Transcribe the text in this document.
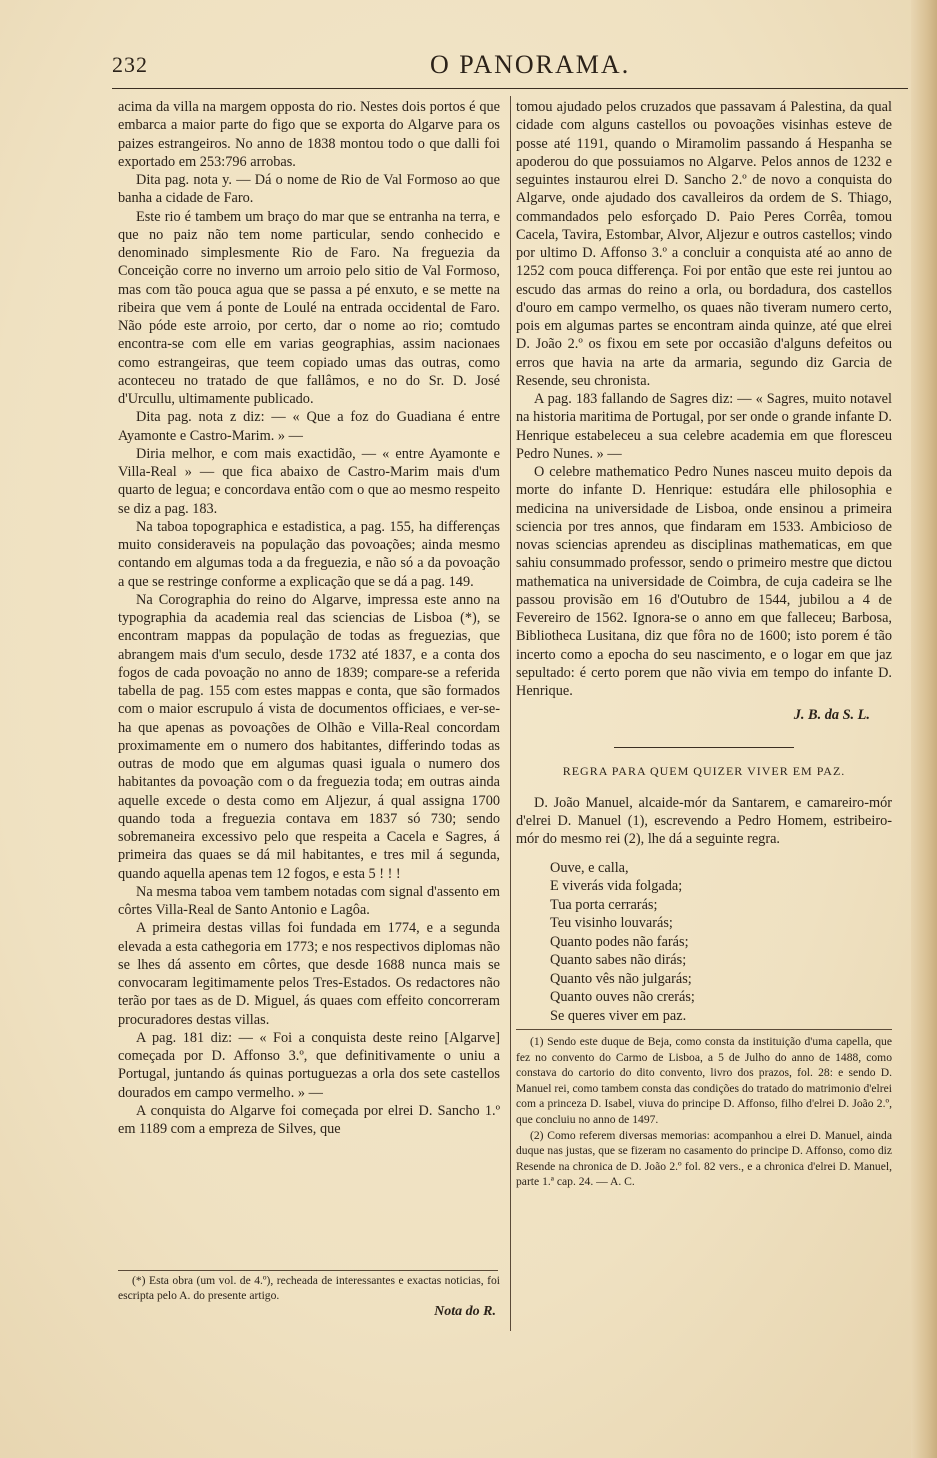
232	O PANORAMA.

acima da villa na margem opposta do rio. Nestes dois portos é que embarca a maior parte do figo que se exporta do Algarve para os paizes estrangeiros. No anno de 1838 montou todo o que dalli foi exportado em 253:796 arrobas.

Dita pag. nota y. — Dá o nome de Rio de Val Formoso ao que banha a cidade de Faro.

Este rio é tambem um braço do mar que se entranha na terra, e que no paiz não tem nome particular, sendo conhecido e denominado simplesmente Rio de Faro. Na freguezia da Conceição corre no inverno um arroio pelo sitio de Val Formoso, mas com tão pouca agua que se passa a pé enxuto, e se mette na ribeira que vem á ponte de Loulé na entrada occidental de Faro. Não póde este arroio, por certo, dar o nome ao rio; comtudo encontra-se com elle em varias geographias, assim nacionaes como estrangeiras, que teem copiado umas das outras, como aconteceu no tratado de que fallâmos, e no do Sr. D. José d'Urcullu, ultimamente publicado.

Dita pag. nota z diz: — « Que a foz do Guadiana é entre Ayamonte e Castro-Marim. » —

Diria melhor, e com mais exactidão, — « entre Ayamonte e Villa-Real » — que fica abaixo de Castro-Marim mais d'um quarto de legua; e concordava então com o que ao mesmo respeito se diz a pag. 183.

Na taboa topographica e estadistica, a pag. 155, ha differenças muito consideraveis na população das povoações; ainda mesmo contando em algumas toda a da freguezia, e não só a da povoação a que se restringe conforme a explicação que se dá a pag. 149.

Na Corographia do reino do Algarve, impressa este anno na typographia da academia real das sciencias de Lisboa (*), se encontram mappas da população de todas as freguezias, que abrangem mais d'um seculo, desde 1732 até 1837, e a conta dos fogos de cada povoação no anno de 1839; compare-se a referida tabella de pag. 155 com estes mappas e conta, que são formados com o maior escrupulo á vista de documentos officiaes, e ver-se-ha que apenas as povoações de Olhão e Villa-Real concordam proximamente em o numero dos habitantes, differindo todas as outras de modo que em algumas quasi iguala o numero dos habitantes da povoação com o da freguezia toda; em outras ainda aquelle excede o desta como em Aljezur, á qual assigna 1700 quando toda a freguezia contava em 1837 só 730; sendo sobremaneira excessivo pelo que respeita a Cacela e Sagres, á primeira das quaes se dá mil habitantes, e tres mil á segunda, quando aquella apenas tem 12 fogos, e esta 5 ! ! !

Na mesma taboa vem tambem notadas com signal d'assento em côrtes Villa-Real de Santo Antonio e Lagôa.

A primeira destas villas foi fundada em 1774, e a segunda elevada a esta cathegoria em 1773; e nos respectivos diplomas não se lhes dá assento em côrtes, que desde 1688 nunca mais se convocaram legitimamente pelos Tres-Estados. Os redactores não terão por taes as de D. Miguel, ás quaes com effeito concorreram procuradores destas villas.

A pag. 181 diz: — « Foi a conquista deste reino [Algarve] começada por D. Affonso 3.º, que definitivamente o uniu a Portugal, juntando ás quinas portuguezas a orla dos sete castellos dourados em campo vermelho. » —

A conquista do Algarve foi começada por elrei D. Sancho 1.º em 1189 com a empreza de Silves, que

(*) Esta obra (um vol. de 4.º), recheada de interessantes e exactas noticias, foi escripta pelo A. do presente artigo.

Nota do R.

tomou ajudado pelos cruzados que passavam á Palestina, da qual cidade com alguns castellos ou povoações visinhas esteve de posse até 1191, quando o Miramolim passando á Hespanha se apoderou do que possuiamos no Algarve. Pelos annos de 1232 e seguintes instaurou elrei D. Sancho 2.º de novo a conquista do Algarve, onde ajudado dos cavalleiros da ordem de S. Thiago, commandados pelo esforçado D. Paio Peres Corrêa, tomou Cacela, Tavira, Estombar, Alvor, Aljezur e outros castellos; vindo por ultimo D. Affonso 3.º a concluir a conquista até ao anno de 1252 com pouca differença. Foi por então que este rei juntou ao escudo das armas do reino a orla, ou bordadura, dos castellos d'ouro em campo vermelho, os quaes não tiveram numero certo, pois em algumas partes se encontram ainda quinze, até que elrei D. João 2.º os fixou em sete por occasião d'alguns defeitos ou erros que havia na arte da armaria, segundo diz Garcia de Resende, seu chronista.

A pag. 183 fallando de Sagres diz: — « Sagres, muito notavel na historia maritima de Portugal, por ser onde o grande infante D. Henrique estabeleceu a sua celebre academia em que floresceu Pedro Nunes. » —

O celebre mathematico Pedro Nunes nasceu muito depois da morte do infante D. Henrique: estudára elle philosophia e medicina na universidade de Lisboa, onde ensinou a primeira sciencia por tres annos, que findaram em 1533. Ambicioso de novas sciencias aprendeu as disciplinas mathematicas, em que sahiu consummado professor, sendo o primeiro mestre que dictou mathematica na universidade de Coimbra, de cuja cadeira se lhe passou provisão em 16 d'Outubro de 1544, jubilou a 4 de Fevereiro de 1562. Ignora-se o anno em que falleceu; Barbosa, Bibliotheca Lusitana, diz que fôra no de 1600; isto porem é tão incerto como a epocha do seu nascimento, e o logar em que jaz sepultado: é certo porem que não vivia em tempo do infante D. Henrique.

J. B. da S. L.

REGRA PARA QUEM QUIZER VIVER EM PAZ.

D. João Manuel, alcaide-mór da Santarem, e camareiro-mór d'elrei D. Manuel (1), escrevendo a Pedro Homem, estribeiro-mór do mesmo rei (2), lhe dá a seguinte regra.

Ouve, e calla,
E viverás vida folgada;
Tua porta cerrarás;
Teu visinho louvarás;
Quanto podes não farás;
Quanto sabes não dirás;
Quanto vês não julgarás;
Quanto ouves não crerás;
Se queres viver em paz.

(1) Sendo este duque de Beja, como consta da instituição d'uma capella, que fez no convento do Carmo de Lisboa, a 5 de Julho do anno de 1488, como constava do cartorio do dito convento, livro dos prazos, fol. 28: e sendo D. Manuel rei, como tambem consta das condições do tratado do matrimonio d'elrei com a princeza D. Isabel, viuva do principe D. Affonso, filho d'elrei D. João 2.º, que concluiu no anno de 1497.

(2) Como referem diversas memorias: acompanhou a elrei D. Manuel, ainda duque nas justas, que se fizeram no casamento do principe D. Affonso, como diz Resende na chronica de D. João 2.º fol. 82 vers., e a chronica d'elrei D. Manuel, parte 1.ª cap. 24. — A. C.
